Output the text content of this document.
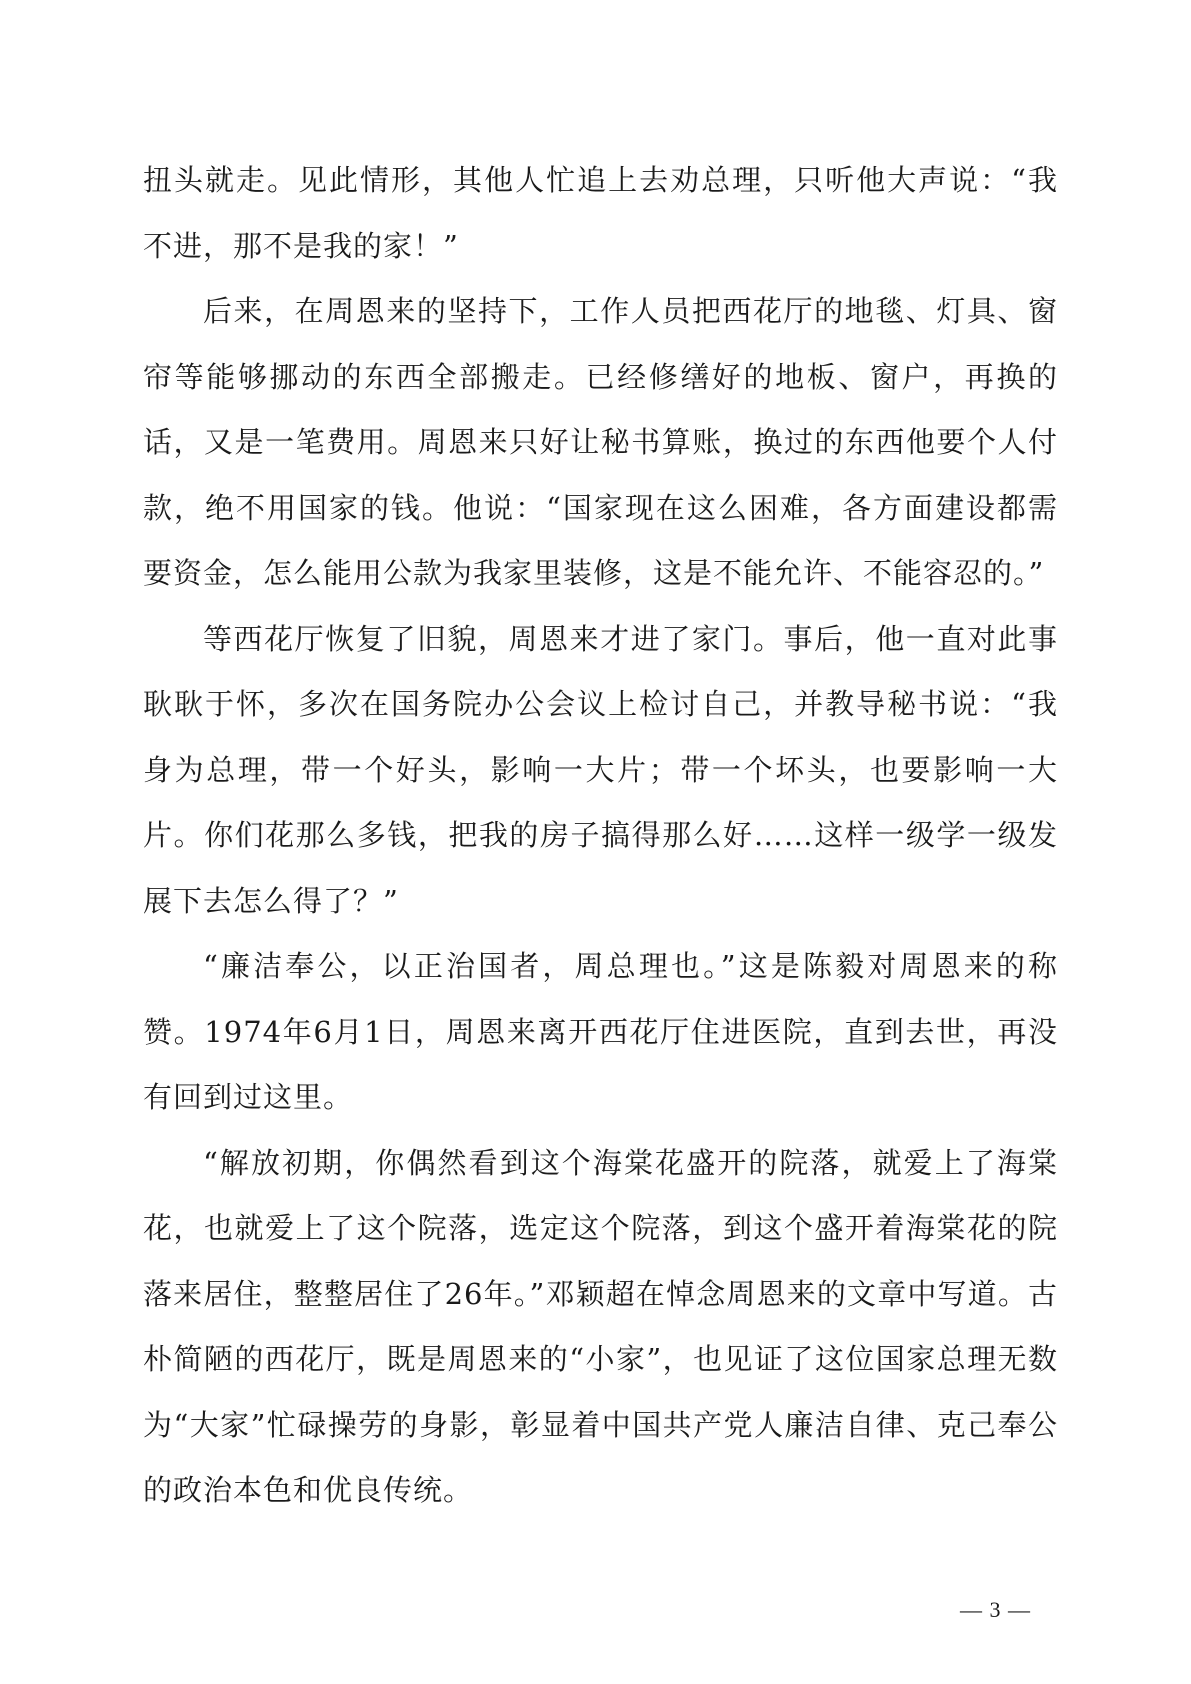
扭头就走。见此情形，其他人忙追上去劝总理，只听他大声说：“我不进，那不是我的家！”

后来，在周恩来的坚持下，工作人员把西花厅的地毯、灯具、窗帘等能够挪动的东西全部搬走。已经修缮好的地板、窗户，再换的话，又是一笔费用。周恩来只好让秘书算账，换过的东西他要个人付款，绝不用国家的钱。他说：“国家现在这么困难，各方面建设都需要资金，怎么能用公款为我家里装修，这是不能允许、不能容忍的。”

等西花厅恢复了旧貌，周恩来才进了家门。事后，他一直对此事耿耿于怀，多次在国务院办公会议上检讨自己，并教导秘书说：“我身为总理，带一个好头，影响一大片；带一个坏头，也要影响一大片。你们花那么多钱，把我的房子搞得那么好……这样一级学一级发展下去怎么得了？”

“廉洁奉公，以正治国者，周总理也。”这是陈毅对周恩来的称赞。1974年6月1日，周恩来离开西花厅住进医院，直到去世，再没有回到过这里。

“解放初期，你偶然看到这个海棠花盛开的院落，就爱上了海棠花，也就爱上了这个院落，选定这个院落，到这个盛开着海棠花的院落来居住，整整居住了26年。”邓颖超在悼念周恩来的文章中写道。古朴简陋的西花厅，既是周恩来的“小家”，也见证了这位国家总理无数为“大家”忙碌操劳的身影，彰显着中国共产党人廉洁自律、克己奉公的政治本色和优良传统。

— 3 —
